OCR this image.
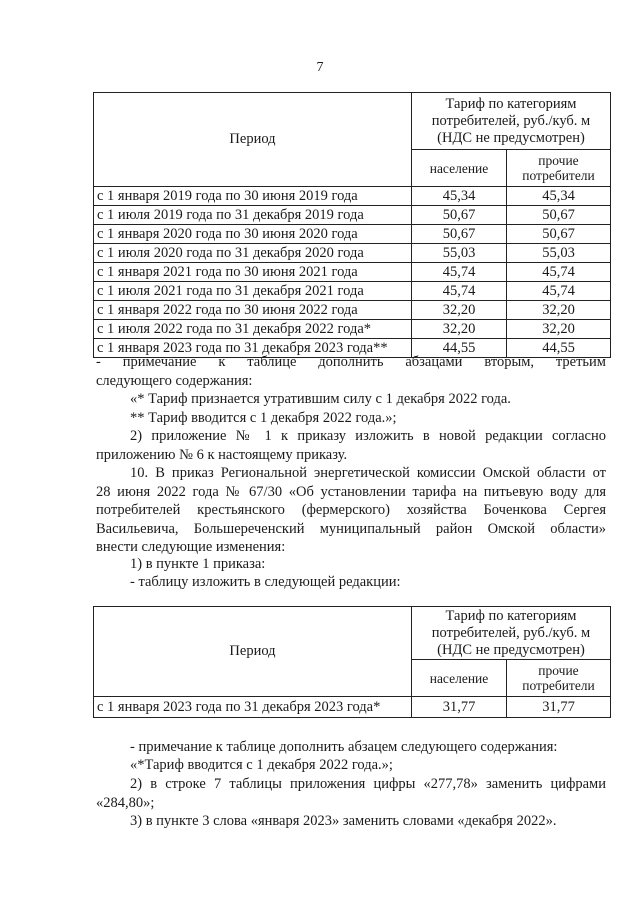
7
Период	Тариф по категориям
потребителей, руб./куб. м
(НДС не предусмотрен)	
	население	прочие
потребители
с 1 января 2019 года по 30 июня 2019 года	45,34	45,34
с 1 июля 2019 года по 31 декабря 2019 года	50,67	50,67
с 1 января 2020 года по 30 июня 2020 года	50,67	50,67
с 1 июля 2020 года по 31 декабря 2020 года	55,03	55,03
с 1 января 2021 года по 30 июня 2021 года	45,74	45,74
с 1 июля 2021 года по 31 декабря 2021 года	45,74	45,74
с 1 января 2022 года по 30 июня 2022 года	32,20	32,20
с 1 июля 2022 года по 31 декабря 2022 года*	32,20	32,20
с 1 января 2023 года по 31 декабря 2023 года**	44,55	44,55
- примечание к таблице дополнить абзацами вторым, третьим
следующего содержания:
«* Тариф признается утратившим силу с 1 декабря 2022 года.
** Тариф вводится с 1 декабря 2022 года.»;
2) приложение № 1 к приказу изложить в новой редакции согласно
приложению № 6 к настоящему приказу.
10. В приказ Региональной энергетической комиссии Омской области от
28 июня 2022 года № 67/30 «Об установлении тарифа на питьевую воду для
потребителей крестьянского (фермерского) хозяйства Боченкова Сергея
Васильевича, Большереченский муниципальный район Омской области»
внести следующие изменения:
1) в пункте 1 приказа:
- таблицу изложить в следующей редакции:
Период	Тариф по категориям
потребителей, руб./куб. м
(НДС не предусмотрен)	
	население	прочие
потребители
с 1 января 2023 года по 31 декабря 2023 года*	31,77	31,77
- примечание к таблице дополнить абзацем следующего содержания:
«*Тариф вводится с 1 декабря 2022 года.»;
2) в строке 7 таблицы приложения цифры «277,78» заменить цифрами
«284,80»;
3) в пункте 3 слова «января 2023» заменить словами «декабря 2022».
